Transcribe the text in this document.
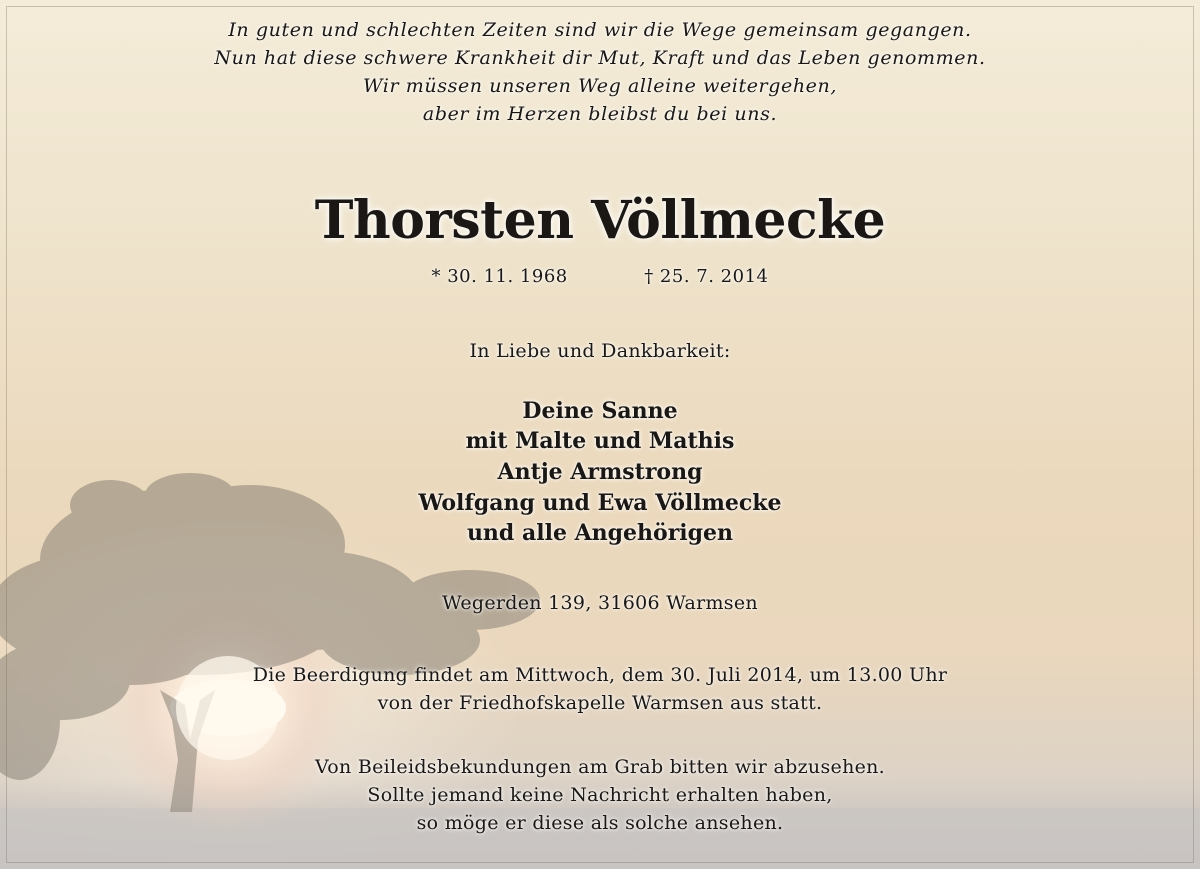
In guten und schlechten Zeiten sind wir die Wege gemeinsam gegangen.
Nun hat diese schwere Krankheit dir Mut, Kraft und das Leben genommen.
Wir müssen unseren Weg alleine weitergehen,
aber im Herzen bleibst du bei uns.
Thorsten Völlmecke
* 30. 11. 1968	† 25. 7. 2014
In Liebe und Dankbarkeit:
Deine Sanne
mit Malte und Mathis
Antje Armstrong
Wolfgang und Ewa Völlmecke
und alle Angehörigen
Wegerden 139, 31606 Warmsen
Die Beerdigung findet am Mittwoch, dem 30. Juli 2014, um 13.00 Uhr
von der Friedhofskapelle Warmsen aus statt.
Von Beileidsbekundungen am Grab bitten wir abzusehen.
Sollte jemand keine Nachricht erhalten haben,
so möge er diese als solche ansehen.
